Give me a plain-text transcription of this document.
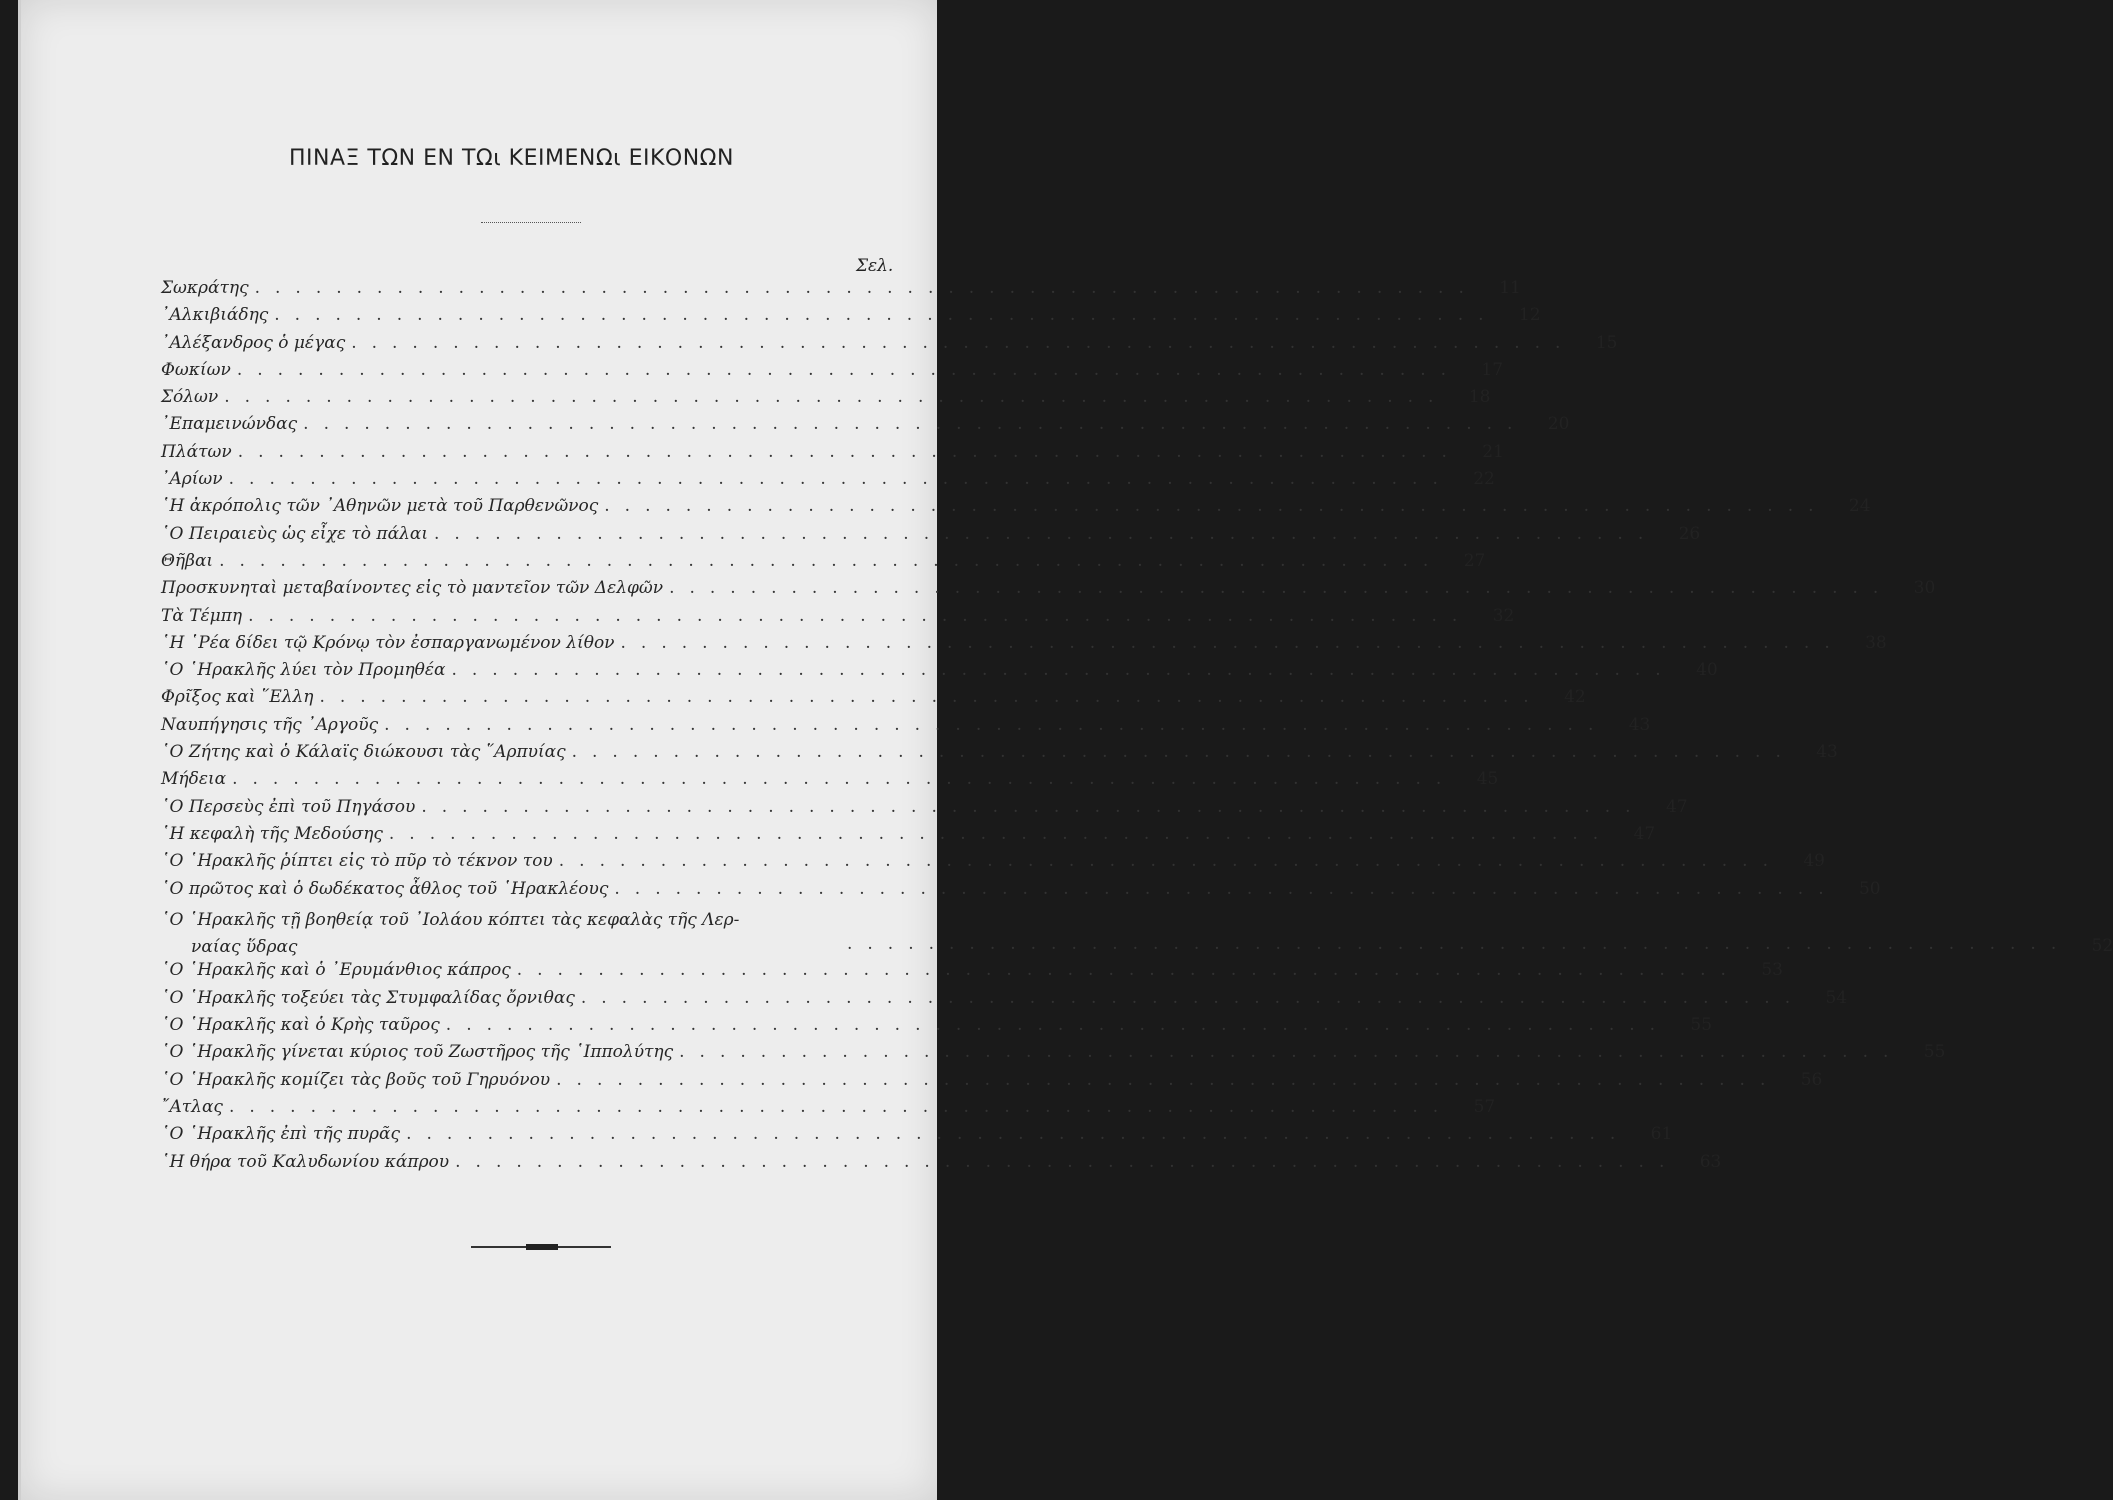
ΠΙΝΑΞ ΤΩΝ ΕΝ ΤΩι ΚΕΙΜΕΝΩι ΕΙΚΟΝΩΝ
Σελ.
Σωκράτης ............................................................	11
᾿Αλκιβιάδης ............................................................	12
᾿Αλέξανδρος ὁ μέγας ............................................................	15
Φωκίων ............................................................	17
Σόλων ............................................................	18
᾿Επαμεινώνδας ............................................................	20
Πλάτων ............................................................	21
᾿Αρίων ............................................................	22
῾Η ἀκρόπολις τῶν ᾿Αθηνῶν μετὰ τοῦ Παρθενῶνος ............................................................	24
῾Ο Πειραιεὺς ὡς εἶχε τὸ πάλαι ............................................................	26
Θῆβαι ............................................................	27
Προσκυνηταὶ μεταβαίνοντες εἰς τὸ μαντεῖον τῶν Δελφῶν ............................................................	30
Τὰ Τέμπη ............................................................	32
῾Η ῾Ρέα δίδει τῷ Κρόνῳ τὸν ἐσπαργανωμένον λίθον ............................................................	38
῾Ο ῾Ηρακλῆς λύει τὸν Προμηθέα ............................................................	40
Φρῖξος καὶ ῞Ελλη ............................................................	42
Ναυπήγησις τῆς ᾿Αργοῦς ............................................................	43
῾Ο Ζήτης καὶ ὁ Κάλαϊς διώκουσι τὰς ῞Αρπυίας ............................................................	43
Μήδεια ............................................................	45
῾Ο Περσεὺς ἐπὶ τοῦ Πηγάσου ............................................................	47
῾Η κεφαλὴ τῆς Μεδούσης ............................................................	47
῾Ο ῾Ηρακλῆς ῥίπτει εἰς τὸ πῦρ τὸ τέκνον του ............................................................	49
῾Ο πρῶτος καὶ ὁ δωδέκατος ἆθλος τοῦ ῾Ηρακλέους ............................................................	50
῾Ο ῾Ηρακλῆς τῇ βοηθείᾳ τοῦ ᾿Ιολάου κόπτει τὰς κεφαλὰς τῆς Λερ-
ναίας ὕδρας	............................................................	52
῾Ο ῾Ηρακλῆς καὶ ὁ ᾿Ερυμάνθιος κάπρος ............................................................	53
῾Ο ῾Ηρακλῆς τοξεύει τὰς Στυμφαλίδας ὄρνιθας ............................................................	54
῾Ο ῾Ηρακλῆς καὶ ὁ Κρὴς ταῦρος ............................................................	55
῾Ο ῾Ηρακλῆς γίνεται κύριος τοῦ Ζωστῆρος τῆς ῾Ιππολύτης ............................................................	55
῾Ο ῾Ηρακλῆς κομίζει τὰς βοῦς τοῦ Γηρυόνου ............................................................	56
῎Ατλας ............................................................	57
῾Ο ῾Ηρακλῆς ἐπὶ τῆς πυρᾶς ............................................................	61
῾Η θήρα τοῦ Καλυδωνίου κάπρου ............................................................	63
